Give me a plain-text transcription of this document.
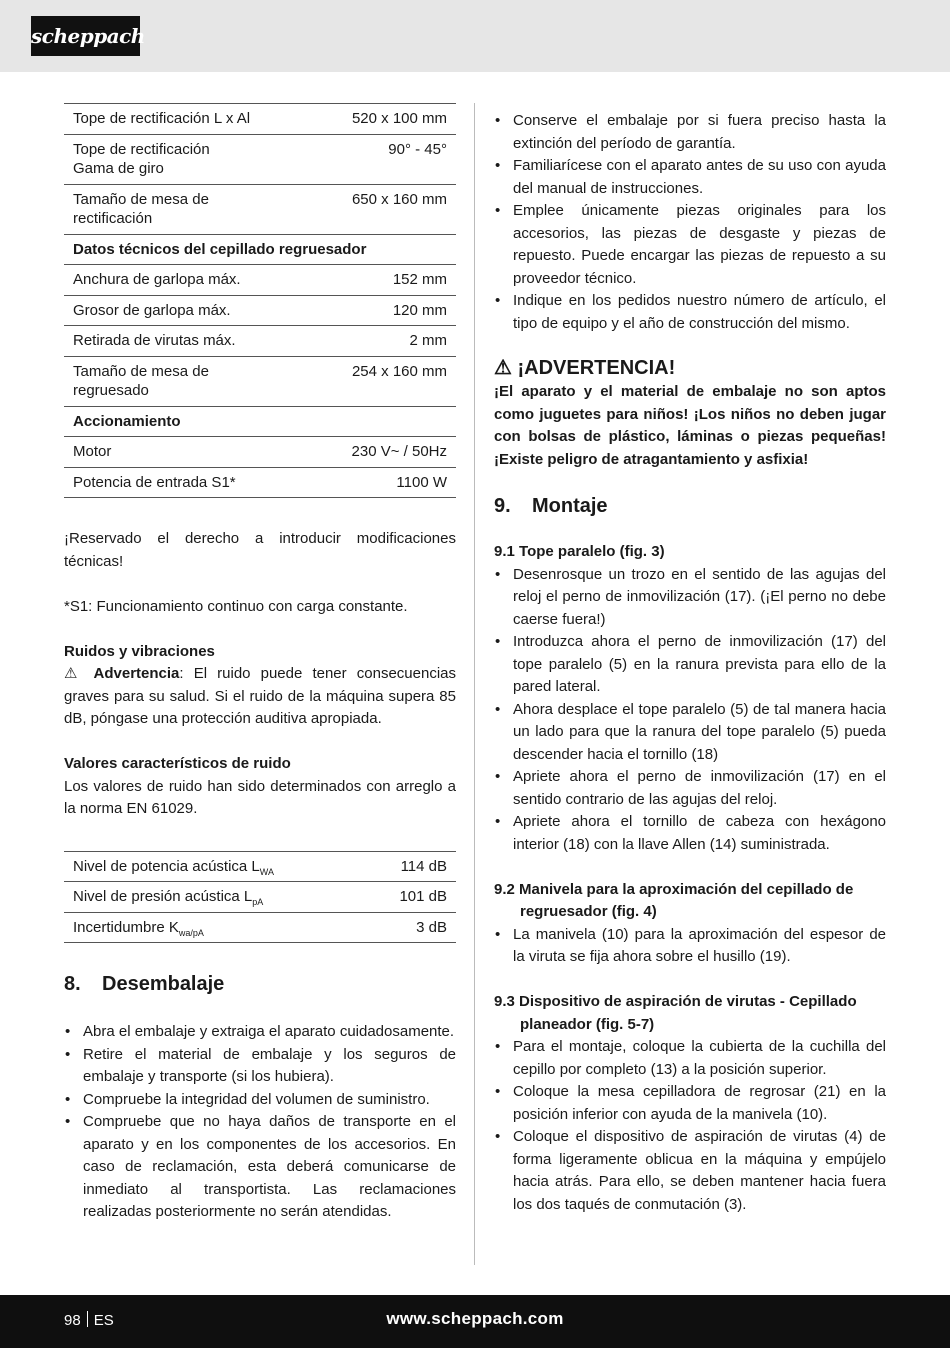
scheppach
Tope de rectificación L x Al	520 x 100 mm
Tope de rectificación
Gama de giro	90° - 45°
Tamaño de mesa de
rectificación	650 x 160 mm
Datos técnicos del cepillado regruesador	
Anchura de garlopa máx.	152 mm
Grosor de garlopa máx.	120 mm
Retirada de virutas máx.	2 mm
Tamaño de mesa de
regruesado	254 x 160 mm
Accionamiento	
Motor	230 V~ / 50Hz
Potencia de entrada S1*	1100 W

¡Reservado el derecho a introducir modificaciones técnicas!

*S1: Funcionamiento continuo con carga constante.

Ruidos y vibraciones

⚠ Advertencia: El ruido puede tener consecuencias graves para su salud. Si el ruido de la máquina supera 85 dB, póngase una protección auditiva apropiada.

Valores característicos de ruido

Los valores de ruido han sido determinados con arreglo a la norma EN 61029.

Nivel de potencia acústica $L_{WA}$	114 dB
Nivel de presión acústica $L_{pA}$	101 dB
Incertidumbre $K_{wa/pA}$	3 dB
8. Desembalaje
• Abra el embalaje y extraiga el aparato cuidadosamente.
• Retire el material de embalaje y los seguros de embalaje y transporte (si los hubiera).
• Compruebe la integridad del volumen de suministro.
• Compruebe que no haya daños de transporte en el aparato y en los componentes de los accesorios. En caso de reclamación, esta deberá comunicarse de inmediato al transportista. Las reclamaciones realizadas posteriormente no serán atendidas.
• Conserve el embalaje por si fuera preciso hasta la extinción del período de garantía.
• Familiarícese con el aparato antes de su uso con ayuda del manual de instrucciones.
• Emplee únicamente piezas originales para los accesorios, las piezas de desgaste y piezas de repuesto. Puede encargar las piezas de repuesto a su proveedor técnico.
• Indique en los pedidos nuestro número de artículo, el tipo de equipo y el año de construcción del mismo.
⚠ ¡ADVERTENCIA!

¡El aparato y el material de embalaje no son aptos como juguetes para niños! ¡Los niños no deben jugar con bolsas de plástico, láminas o piezas pequeñas! ¡Existe peligro de atragantamiento y asfixia!

9. Montaje
9.1 Tope paralelo (fig. 3)
• Desenrosque un trozo en el sentido de las agujas del reloj el perno de inmovilización (17). (¡El perno no debe caerse fuera!)
• Introduzca ahora el perno de inmovilización (17) del tope paralelo (5) en la ranura prevista para ello de la pared lateral.
• Ahora desplace el tope paralelo (5) de tal manera hacia un lado para que la ranura del tope paralelo (5) pueda descender hacia el tornillo (18)
• Apriete ahora el perno de inmovilización (17) en el sentido contrario de las agujas del reloj.
• Apriete ahora el tornillo de cabeza con hexágono interior (18) con la llave Allen (14) suministrada.
9.2 Manivela para la aproximación del cepillado de regruesador (fig. 4)
• La manivela (10) para la aproximación del espesor de la viruta se fija ahora sobre el husillo (19).
9.3 Dispositivo de aspiración de virutas - Cepillado planeador (fig. 5-7)
• Para el montaje, coloque la cubierta de la cuchilla del cepillo por completo (13) a la posición superior.
• Coloque la mesa cepilladora de regrosar (21) en la posición inferior con ayuda de la manivela (10).
• Coloque el dispositivo de aspiración de virutas (4) de forma ligeramente oblicua en la máquina y empújelo hacia atrás. Para ello, se deben mantener hacia fuera los dos taqués de conmutación (3).
98 ES	www.scheppach.com
